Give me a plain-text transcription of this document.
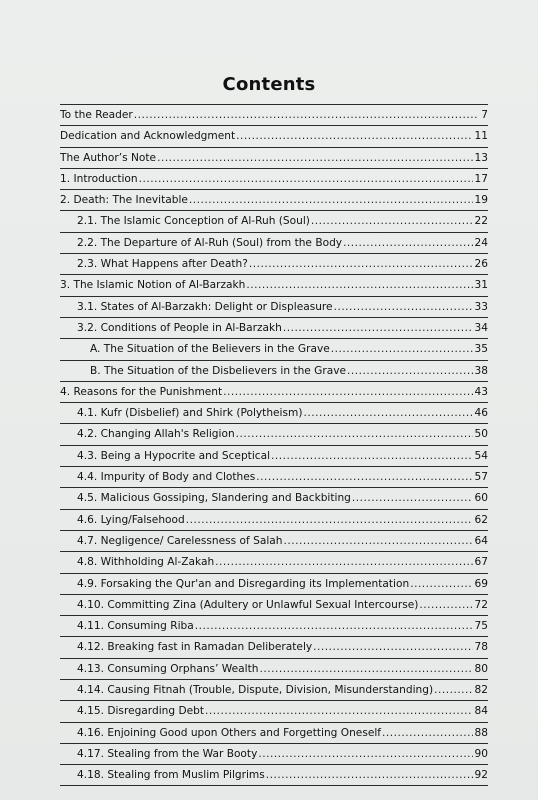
Contents
To the Reader .....	7
Dedication and Acknowledgment .....	11
The Author’s Note .....	13
1. Introduction .....	17
2. Death: The Inevitable .....	19
2.1. The Islamic Conception of Al-Ruh (Soul) .....	22
2.2. The Departure of Al-Ruh (Soul) from the Body .....	24
2.3. What Happens after Death? .....	26
3. The Islamic Notion of Al-Barzakh .....	31
3.1. States of Al-Barzakh: Delight or Displeasure .....	33
3.2. Conditions of People in Al-Barzakh .....	34
A. The Situation of the Believers in the Grave .....	35
B. The Situation of the Disbelievers in the Grave .....	38
4. Reasons for the Punishment .....	43
4.1. Kufr (Disbelief) and Shirk (Polytheism) .....	46
4.2. Changing Allah's Religion .....	50
4.3. Being a Hypocrite and Sceptical .....	54
4.4. Impurity of Body and Clothes .....	57
4.5. Malicious Gossiping, Slandering and Backbiting .....	60
4.6. Lying/Falsehood .....	62
4.7. Negligence/ Carelessness of Salah .....	64
4.8. Withholding Al-Zakah .....	67
4.9. Forsaking the Qur'an and Disregarding its Implementation .....	69
4.10. Committing Zina (Adultery or Unlawful Sexual Intercourse) .....	72
4.11. Consuming Riba .....	75
4.12. Breaking fast in Ramadan Deliberately .....	78
4.13. Consuming Orphans’ Wealth .....	80
4.14. Causing Fitnah (Trouble, Dispute, Division, Misunderstanding) .....	82
4.15. Disregarding Debt .....	84
4.16. Enjoining Good upon Others and Forgetting Oneself .....	88
4.17. Stealing from the War Booty .....	90
4.18. Stealing from Muslim Pilgrims .....	92
